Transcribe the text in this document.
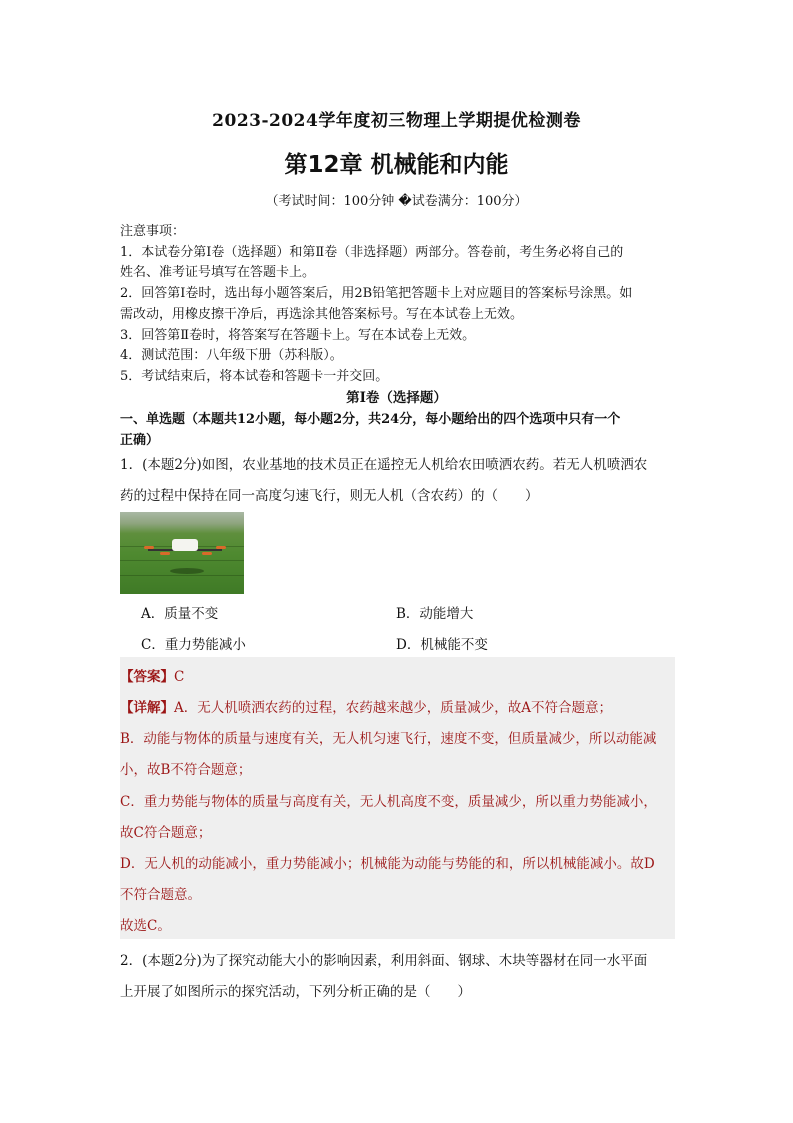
2023-2024学年度初三物理上学期提优检测卷
第12章 机械能和内能
（考试时间：100分钟 �试卷满分：100分）
注意事项：
1．本试卷分第Ⅰ卷（选择题）和第Ⅱ卷（非选择题）两部分。答卷前，考生务必将自己的
姓名、准考证号填写在答题卡上。
2．回答第Ⅰ卷时，选出每小题答案后，用2B铅笔把答题卡上对应题目的答案标号涂黑。如
需改动，用橡皮擦干净后，再选涂其他答案标号。写在本试卷上无效。
3．回答第Ⅱ卷时，将答案写在答题卡上。写在本试卷上无效。
4．测试范围：八年级下册（苏科版）。
5．考试结束后，将本试卷和答题卡一并交回。
第Ⅰ卷（选择题）
一、单选题（本题共12小题，每小题2分，共24分，每小题给出的四个选项中只有一个
正确）
1．(本题2分)如图，农业基地的技术员正在遥控无人机给农田喷洒农药。若无人机喷洒农
药的过程中保持在同一高度匀速飞行，则无人机（含农药）的（　　）
A．质量不变	B．动能增大
C．重力势能减小	D．机械能不变
【答案】C
【详解】A．无人机喷洒农药的过程，农药越来越少，质量减少，故A不符合题意；
B．动能与物体的质量与速度有关，无人机匀速飞行，速度不变，但质量减少，所以动能减
小，故B不符合题意；
C．重力势能与物体的质量与高度有关，无人机高度不变，质量减少，所以重力势能减小，
故C符合题意；
D．无人机的动能减小，重力势能减小；机械能为动能与势能的和，所以机械能减小。故D
不符合题意。
故选C。
2．(本题2分)为了探究动能大小的影响因素，利用斜面、钢球、木块等器材在同一水平面
上开展了如图所示的探究活动，下列分析正确的是（　　）
